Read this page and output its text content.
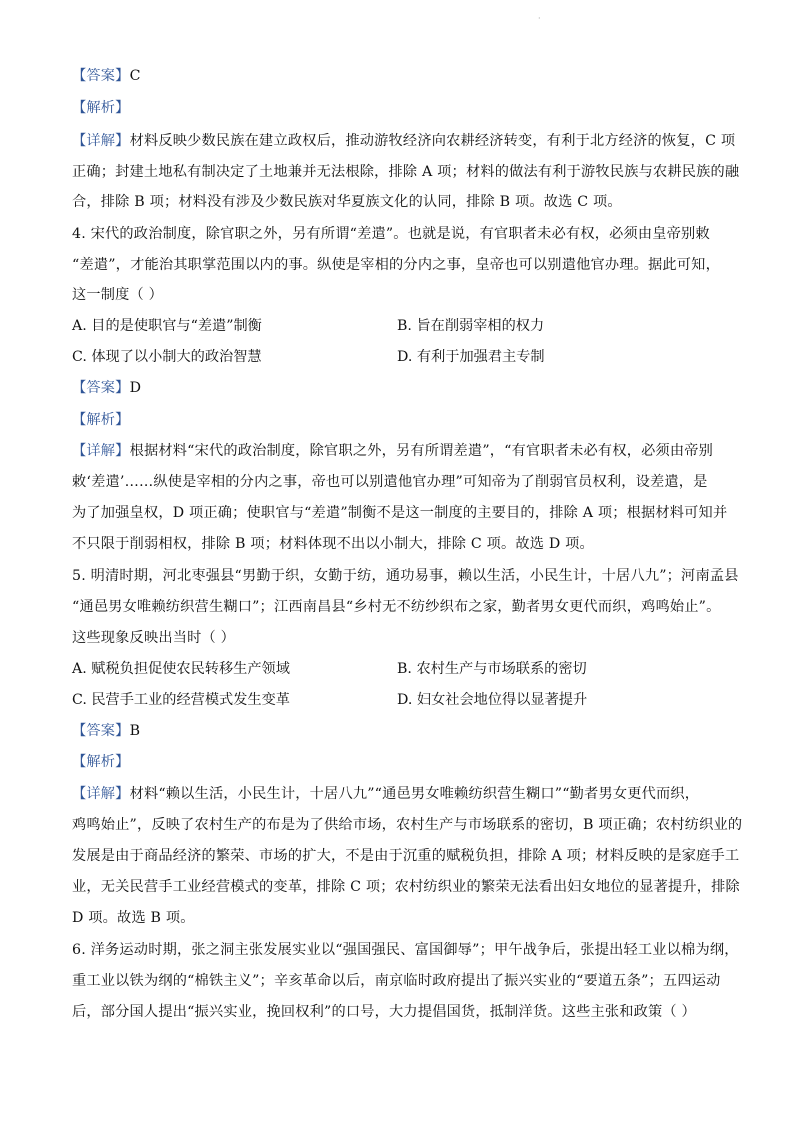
·
【答案】C
【解析】
【详解】材料反映少数民族在建立政权后，推动游牧经济向农耕经济转变，有利于北方经济的恢复，C 项
正确；封建土地私有制决定了土地兼并无法根除，排除 A 项；材料的做法有利于游牧民族与农耕民族的融
合，排除 B 项；材料没有涉及少数民族对华夏族文化的认同，排除 B 项。故选 C 项。
4. 宋代的政治制度，除官职之外，另有所谓“差遣”。也就是说，有官职者未必有权，必须由皇帝别敕
“差遣”，才能治其职掌范围以内的事。纵使是宰相的分内之事，皇帝也可以别遣他官办理。据此可知，
这一制度（ ）
A. 目的是使职官与“差遣”制衡	B. 旨在削弱宰相的权力
C. 体现了以小制大的政治智慧	D. 有利于加强君主专制
【答案】D
【解析】
【详解】根据材料“宋代的政治制度，除官职之外，另有所谓差遣”，“有官职者未必有权，必须由帝别
敕‘差遣’……纵使是宰相的分内之事，帝也可以别遣他官办理”可知帝为了削弱官员权利，设差遣，是
为了加强皇权，D 项正确；使职官与“差遣”制衡不是这一制度的主要目的，排除 A 项；根据材料可知并
不只限于削弱相权，排除 B 项；材料体现不出以小制大，排除 C 项。故选 D 项。
5. 明清时期，河北枣强县“男勤于织，女勤于纺，通功易事，赖以生活，小民生计，十居八九”；河南孟县
“通邑男女唯赖纺织营生糊口”；江西南昌县“乡村无不纺纱织布之家，勤者男女更代而织，鸡鸣始止”。
这些现象反映出当时（ ）
A. 赋税负担促使农民转移生产领域	B. 农村生产与市场联系的密切
C. 民营手工业的经营模式发生变革	D. 妇女社会地位得以显著提升
【答案】B
【解析】
【详解】材料“赖以生活，小民生计，十居八九”“通邑男女唯赖纺织营生糊口”“勤者男女更代而织，
鸡鸣始止”，反映了农村生产的布是为了供给市场，农村生产与市场联系的密切，B 项正确；农村纺织业的
发展是由于商品经济的繁荣、市场的扩大，不是由于沉重的赋税负担，排除 A 项；材料反映的是家庭手工
业，无关民营手工业经营模式的变革，排除 C 项；农村纺织业的繁荣无法看出妇女地位的显著提升，排除
D 项。故选 B 项。
6. 洋务运动时期，张之洞主张发展实业以“强国强民、富国御辱”；甲午战争后，张提出轻工业以棉为纲，
重工业以铁为纲的“棉铁主义”；辛亥革命以后，南京临时政府提出了振兴实业的“要道五条”；五四运动
后，部分国人提出“振兴实业，挽回权利”的口号，大力提倡国货，抵制洋货。这些主张和政策（ ）
